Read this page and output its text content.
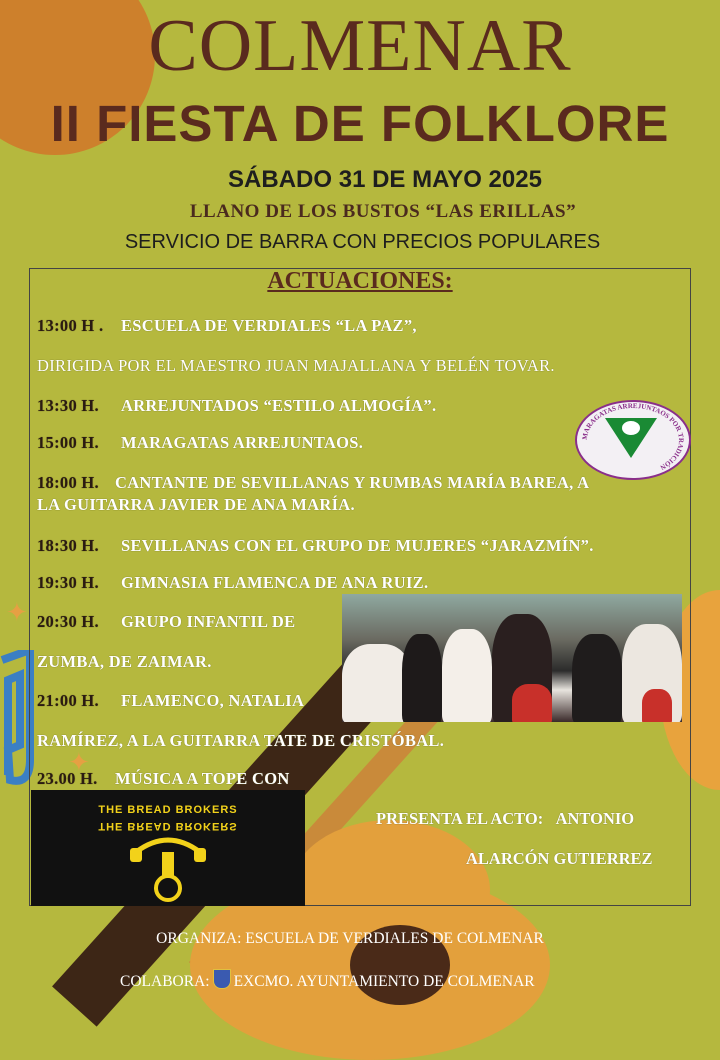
✦
✦
COLMENAR
II FIESTA DE FOLKLORE
SÁBADO 31 DE MAYO 2025
LLANO DE LOS BUSTOS “LAS ERILLAS”
SERVICIO DE BARRA CON PRECIOS POPULARES
ACTUACIONES:
13:00 H . ESCUELA DE VERDIALES “LA PAZ”,
DIRIGIDA POR EL MAESTRO JUAN MAJALLANA Y BELÉN TOVAR.
13:30 H. ARREJUNTADOS “ESTILO ALMOGÍA”.
15:00 H. MARAGATAS ARREJUNTAOS.
18:00 H. CANTANTE DE SEVILLANAS Y RUMBAS MARÍA BAREA, A
LA GUITARRA JAVIER DE ANA MARÍA.
18:30 H. SEVILLANAS CON EL GRUPO DE MUJERES “JARAZMÍN”.
19:30 H. GIMNASIA FLAMENCA DE ANA RUIZ.
20:30 H. GRUPO INFANTIL DE
ZUMBA, DE ZAIMAR.
21:00 H. FLAMENCO, NATALIA
RAMÍREZ, A LA GUITARRA TATE DE CRISTÓBAL.
23.00 H. MÚSICA A TOPE CON
MARAGATAS ARREJUNTAOS POR TRADICIÓN
THE BREAD BROKERS
THE BREAD BROKERS	PRESENTA EL ACTO: ANTONIO
ALARCÓN GUTIERREZ
ORGANIZA: ESCUELA DE VERDIALES DE COLMENAR
COLABORA: EXCMO. AYUNTAMIENTO DE COLMENAR
